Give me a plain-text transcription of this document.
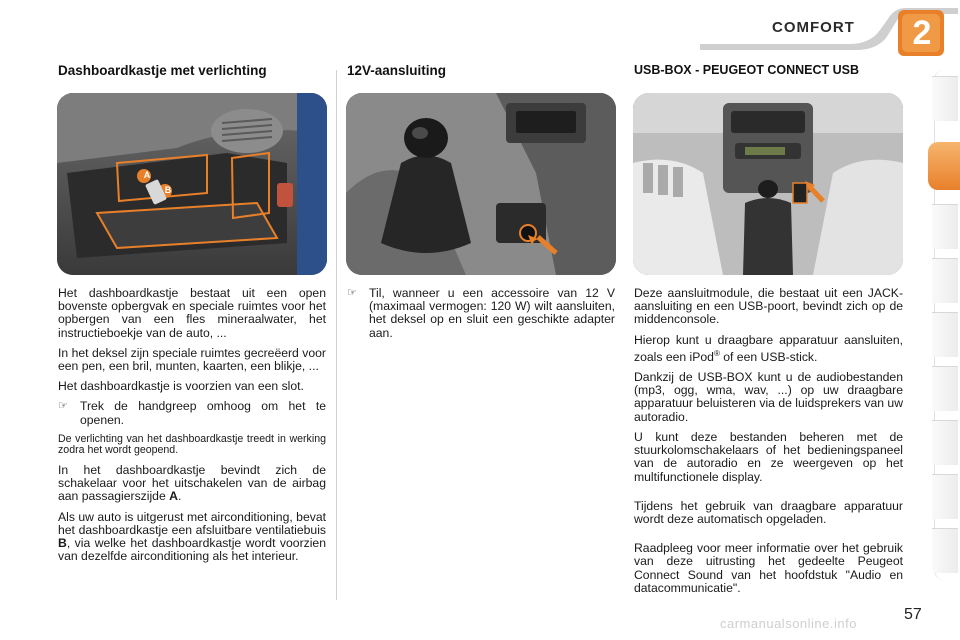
COMFORT	2
Dashboardkastje met verlichting	12V-aansluiting	USB-BOX - PEUGEOT CONNECT USB
A
B

Het dashboardkastje bestaat uit een open bovenste opbergvak en speciale ruimtes voor het opbergen van een fles mineraalwater, het instructieboekje van de auto, ...

In het deksel zijn speciale ruimtes gecreëerd voor een pen, een bril, munten, kaarten, een blikje, ...

Het dashboardkastje is voorzien van een slot.

☞ Trek de handgreep omhoog om het te openen.

De verlichting van het dashboardkastje treedt in werking zodra het wordt geopend.

In het dashboardkastje bevindt zich de schakelaar voor het uitschakelen van de airbag aan passagierszijde A.

Als uw auto is uitgerust met airconditioning, bevat het dashboardkastje een afsluitbare ventilatiebuis B, via welke het dashboardkastje wordt voorzien van dezelfde airconditioning als het interieur.

☞ Til, wanneer u een accessoire van 12 V (maximaal vermogen: 120 W) wilt aansluiten, het deksel op en sluit een geschikte adapter aan.

Deze aansluitmodule, die bestaat uit een JACK-aansluiting en een USB-poort, bevindt zich op de middenconsole.

Hierop kunt u draagbare apparatuur aansluiten, zoals een iPod® of een USB-stick.

Dankzij de USB-BOX kunt u de audiobestanden (mp3, ogg, wma, wav, ...) op uw draagbare apparatuur beluisteren via de luidsprekers van uw autoradio.

U kunt deze bestanden beheren met de stuurkolomschakelaars of het bedieningspaneel van de autoradio en ze weergeven op het multifunctionele display.

Tijdens het gebruik van draagbare apparatuur wordt deze automatisch opgeladen.

Raadpleeg voor meer informatie over het gebruik van deze uitrusting het gedeelte Peugeot Connect Sound van het hoofdstuk "Audio en datacommunicatie".

57
carmanualsonline.info
